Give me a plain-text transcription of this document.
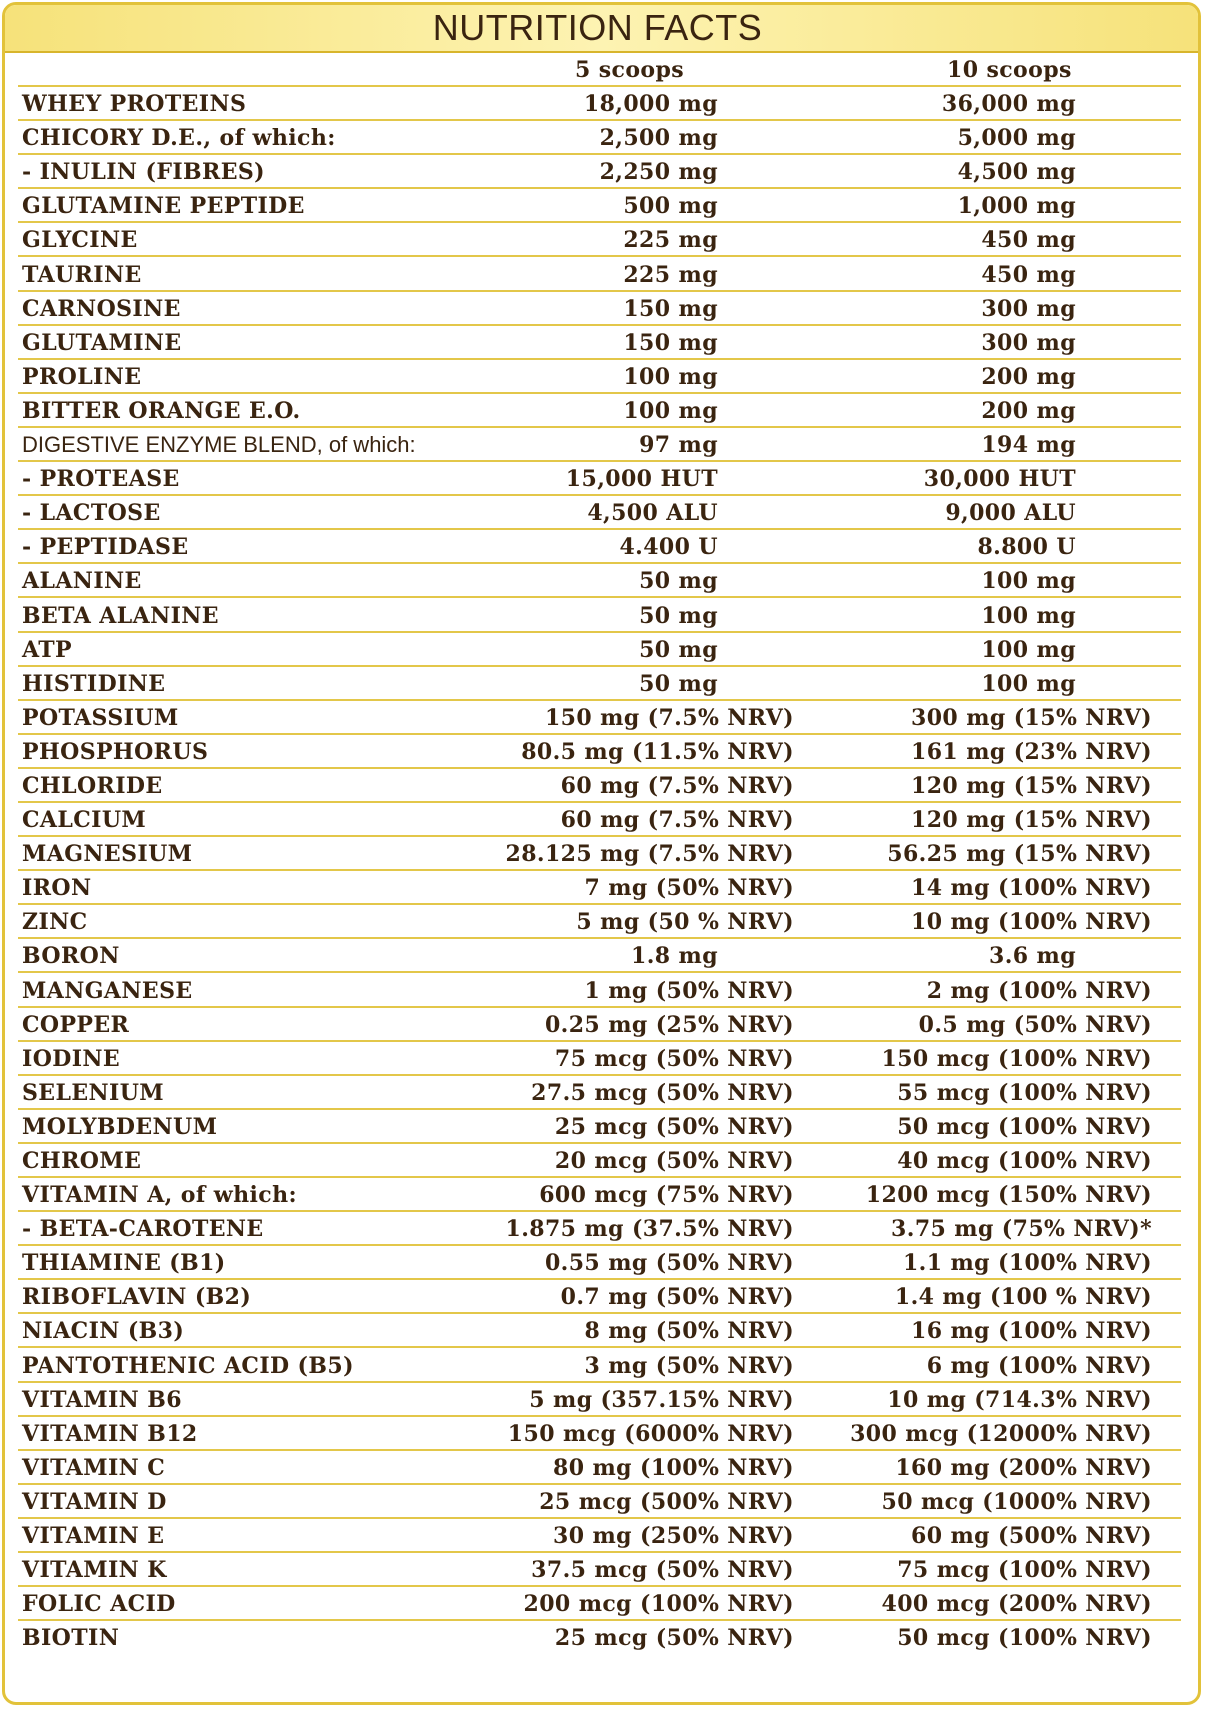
NUTRITION FACTS
5 scoops	10 scoops
WHEY PROTEINS	18,000 mg	36,000 mg
CHICORY D.E., of which:	2,500 mg	5,000 mg
- INULIN (FIBRES)	2,250 mg	4,500 mg
GLUTAMINE PEPTIDE	500 mg	1,000 mg
GLYCINE	225 mg	450 mg
TAURINE	225 mg	450 mg
CARNOSINE	150 mg	300 mg
GLUTAMINE	150 mg	300 mg
PROLINE	100 mg	200 mg
BITTER ORANGE E.O.	100 mg	200 mg
DIGESTIVE ENZYME BLEND, of which:	97 mg	194 mg
- PROTEASE	15,000 HUT	30,000 HUT
- LACTOSE	4,500 ALU	9,000 ALU
- PEPTIDASE	4.400 U	8.800 U
ALANINE	50 mg	100 mg
BETA ALANINE	50 mg	100 mg
ATP	50 mg	100 mg
HISTIDINE	50 mg	100 mg
POTASSIUM	150 mg (7.5% NRV)	300 mg (15% NRV)
PHOSPHORUS	80.5 mg (11.5% NRV)	161 mg (23% NRV)
CHLORIDE	60 mg (7.5% NRV)	120 mg (15% NRV)
CALCIUM	60 mg (7.5% NRV)	120 mg (15% NRV)
MAGNESIUM	28.125 mg (7.5% NRV)	56.25 mg (15% NRV)
IRON	7 mg (50% NRV)	14 mg (100% NRV)
ZINC	5 mg (50 % NRV)	10 mg (100% NRV)
BORON	1.8 mg	3.6 mg
MANGANESE	1 mg (50% NRV)	2 mg (100% NRV)
COPPER	0.25 mg (25% NRV)	0.5 mg (50% NRV)
IODINE	75 mcg (50% NRV)	150 mcg (100% NRV)
SELENIUM	27.5 mcg (50% NRV)	55 mcg (100% NRV)
MOLYBDENUM	25 mcg (50% NRV)	50 mcg (100% NRV)
CHROME	20 mcg (50% NRV)	40 mcg (100% NRV)
VITAMIN A, of which:	600 mcg (75% NRV)	1200 mcg (150% NRV)
- BETA-CAROTENE	1.875 mg (37.5% NRV)	3.75 mg (75% NRV)*
THIAMINE (B1)	0.55 mg (50% NRV)	1.1 mg (100% NRV)
RIBOFLAVIN (B2)	0.7 mg (50% NRV)	1.4 mg (100 % NRV)
NIACIN (B3)	8 mg (50% NRV)	16 mg (100% NRV)
PANTOTHENIC ACID (B5)	3 mg (50% NRV)	6 mg (100% NRV)
VITAMIN B6	5 mg (357.15% NRV)	10 mg (714.3% NRV)
VITAMIN B12	150 mcg (6000% NRV)	300 mcg (12000% NRV)
VITAMIN C	80 mg (100% NRV)	160 mg (200% NRV)
VITAMIN D	25 mcg (500% NRV)	50 mcg (1000% NRV)
VITAMIN E	30 mg (250% NRV)	60 mg (500% NRV)
VITAMIN K	37.5 mcg (50% NRV)	75 mcg (100% NRV)
FOLIC ACID	200 mcg (100% NRV)	400 mcg (200% NRV)
BIOTIN	25 mcg (50% NRV)	50 mcg (100% NRV)
